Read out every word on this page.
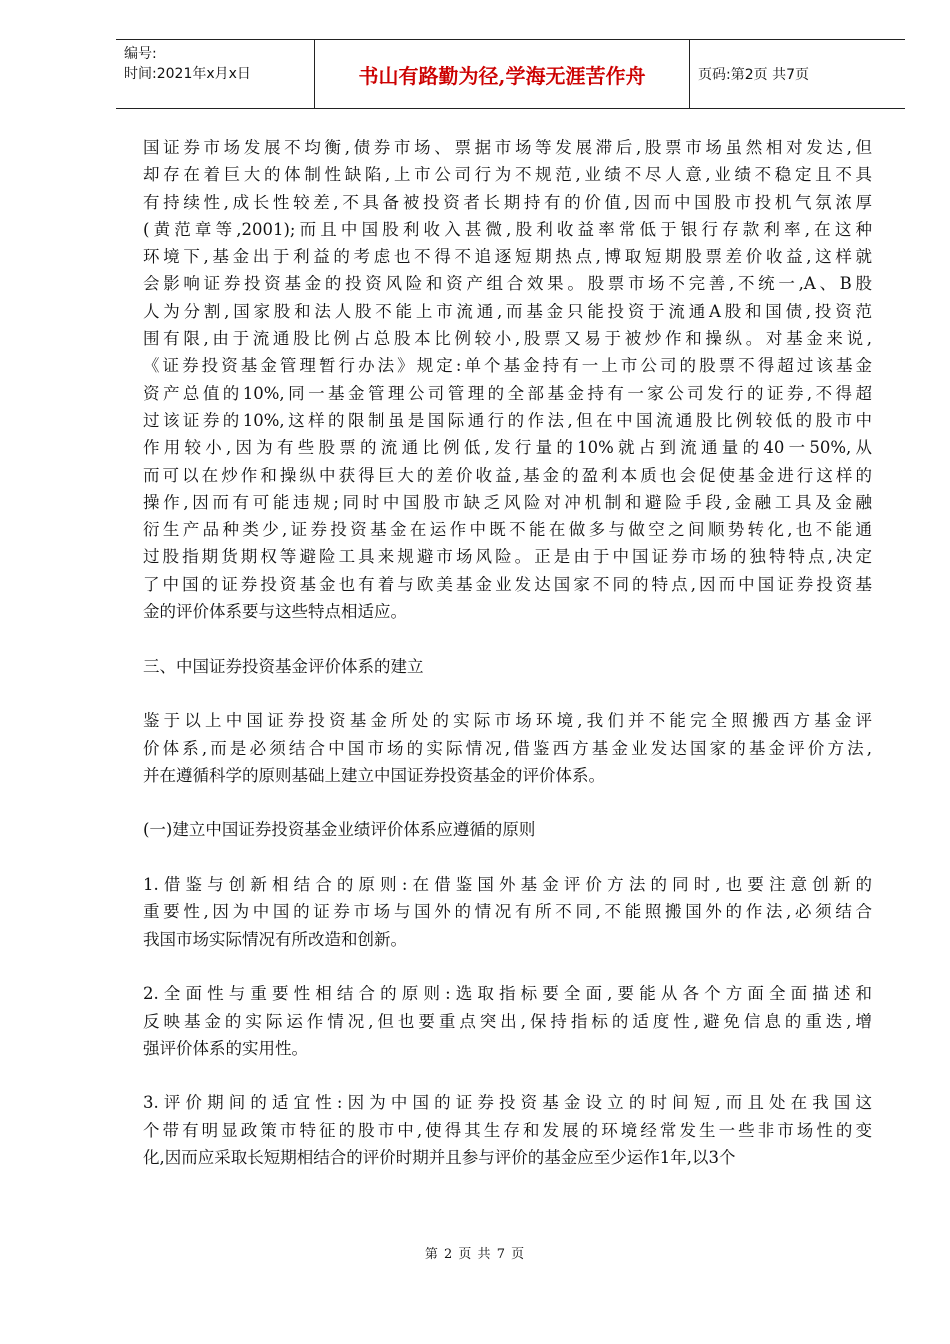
编号:
时间:2021年x月x日	书山有路勤为径,学海无涯苦作舟	页码:第2页 共7页
国证券市场发展不均衡,债券市场、票据市场等发展滞后,股票市场虽然相对发达,但
却存在着巨大的体制性缺陷,上市公司行为不规范,业绩不尽人意,业绩不稳定且不具
有持续性,成长性较差,不具备被投资者长期持有的价值,因而中国股市投机气氛浓厚
(黄范章等,2001);而且中国股利收入甚微,股利收益率常低于银行存款利率,在这种
环境下,基金出于利益的考虑也不得不追逐短期热点,博取短期股票差价收益,这样就
会影响证券投资基金的投资风险和资产组合效果。股票市场不完善,不统一,A、B股
人为分割,国家股和法人股不能上市流通,而基金只能投资于流通A股和国债,投资范
围有限,由于流通股比例占总股本比例较小,股票又易于被炒作和操纵。对基金来说,
《证券投资基金管理暂行办法》规定:单个基金持有一上市公司的股票不得超过该基金
资产总值的10%,同一基金管理公司管理的全部基金持有一家公司发行的证券,不得超
过该证券的10%,这样的限制虽是国际通行的作法,但在中国流通股比例较低的股市中
作用较小,因为有些股票的流通比例低,发行量的10%就占到流通量的40一50%,从
而可以在炒作和操纵中获得巨大的差价收益,基金的盈利本质也会促使基金进行这样的
操作,因而有可能违规;同时中国股市缺乏风险对冲机制和避险手段,金融工具及金融
衍生产品种类少,证券投资基金在运作中既不能在做多与做空之间顺势转化,也不能通
过股指期货期权等避险工具来规避市场风险。正是由于中国证券市场的独特特点,决定
了中国的证券投资基金也有着与欧美基金业发达国家不同的特点,因而中国证券投资基
金的评价体系要与这些特点相适应。
三、中国证券投资基金评价体系的建立
鉴于以上中国证券投资基金所处的实际市场环境,我们并不能完全照搬西方基金评
价体系,而是必须结合中国市场的实际情况,借鉴西方基金业发达国家的基金评价方法,
并在遵循科学的原则基础上建立中国证券投资基金的评价体系。
(一)建立中国证券投资基金业绩评价体系应遵循的原则
1.借鉴与创新相结合的原则:在借鉴国外基金评价方法的同时,也要注意创新的
重要性,因为中国的证券市场与国外的情况有所不同,不能照搬国外的作法,必须结合
我国市场实际情况有所改造和创新。
2.全面性与重要性相结合的原则:选取指标要全面,要能从各个方面全面描述和
反映基金的实际运作情况,但也要重点突出,保持指标的适度性,避免信息的重迭,增
强评价体系的实用性。
3.评价期间的适宜性:因为中国的证券投资基金设立的时间短,而且处在我国这
个带有明显政策市特征的股市中,使得其生存和发展的环境经常发生一些非市场性的变
化,因而应采取长短期相结合的评价时期并且参与评价的基金应至少运作1年,以3个
第 2 页 共 7 页
